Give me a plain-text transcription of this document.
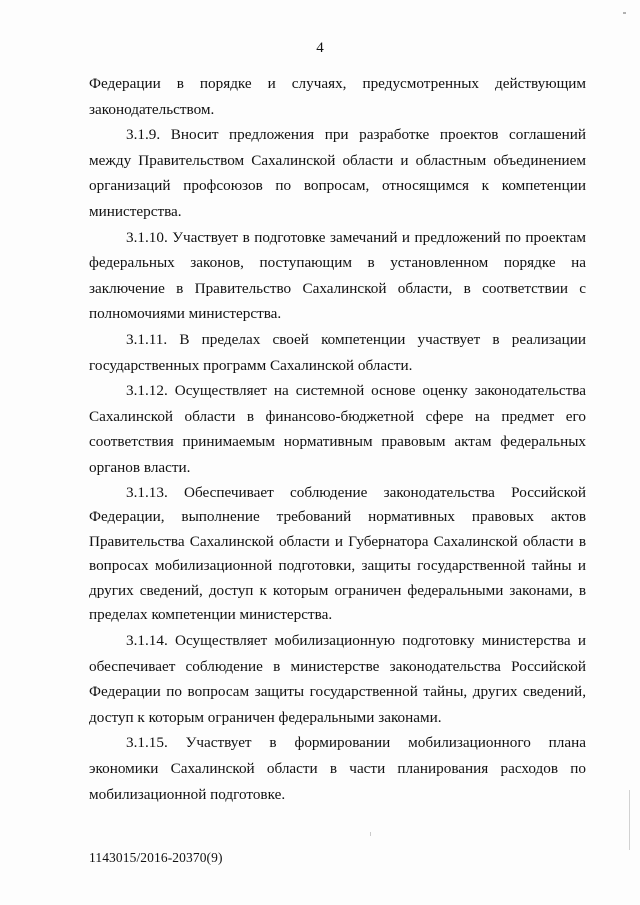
4

Федерации в порядке и случаях, предусмотренных действующим законодательством.

3.1.9. Вносит предложения при разработке проектов соглашений между Правительством Сахалинской области и областным объединением организаций профсоюзов по вопросам, относящимся к компетенции министерства.

3.1.10. Участвует в подготовке замечаний и предложений по проектам федеральных законов, поступающим в установленном порядке на заключение в Правительство Сахалинской области, в соответствии с полномочиями министерства.

3.1.11. В пределах своей компетенции участвует в реализации государственных программ Сахалинской области.

3.1.12. Осуществляет на системной основе оценку законодательства Сахалинской области в финансово-бюджетной сфере на предмет его соответствия принимаемым нормативным правовым актам федеральных органов власти.

3.1.13. Обеспечивает соблюдение законодательства Российской Федерации, выполнение требований нормативных правовых актов Правительства Сахалинской области и Губернатора Сахалинской области в вопросах мобилизационной подготовки, защиты государственной тайны и других сведений, доступ к которым ограничен федеральными законами, в пределах компетенции министерства.

3.1.14. Осуществляет мобилизационную подготовку министерства и обеспечивает соблюдение в министерстве законодательства Российской Федерации по вопросам защиты государственной тайны, других сведений, доступ к которым ограничен федеральными законами.

3.1.15. Участвует в формировании мобилизационного плана экономики Сахалинской области в части планирования расходов по мобилизационной подготовке.

1143015/2016-20370(9)
